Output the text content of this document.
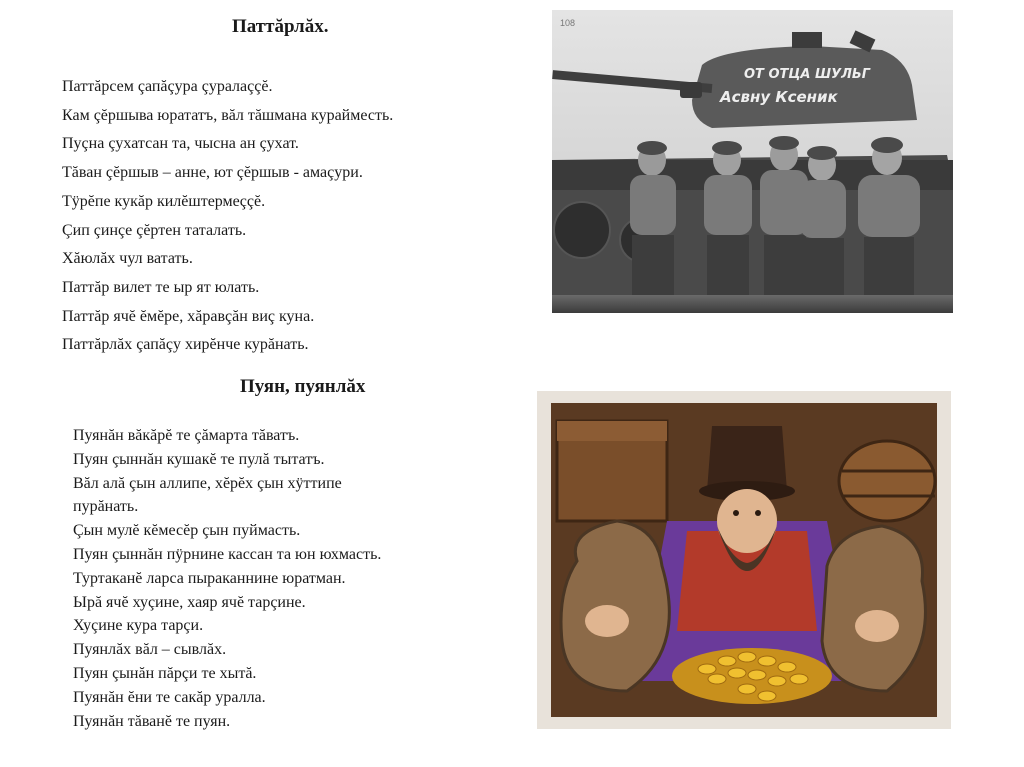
Паттăрлăх.
Паттăрсем çапăçура çуралаççĕ.
Кам çĕршыва юрататъ, вăл тăшмана курайместь.
Пуçна çухатсан та, чысна ан çухат.
Тăван çĕршыв – анне, ют çĕршыв - амаçури.
Тÿрĕпе кукăр килĕштермеççĕ.
Çип çинçе çĕртен таталать.
Хăюлăх чул ватать.
Паттăр вилет те ыр ят юлать.
Паттăр ячĕ ĕмĕре, хăравçăн виç куна.
Паттăрлăх çапăçу хирĕнче курăнать.
108
ОТ ОТЦА ШУЛЬГ
Асвну Ксеник
Пуян, пуянлăх
Пуянăн вăкăрĕ те çăмарта тăватъ.
Пуян çыннăн кушакĕ те пулă тытатъ.
Вăл алă çын аллипе, хĕрĕх çын хÿттипе
пурăнать.
Çын мулĕ кĕмесĕр çын пуймасть.
Пуян çыннăн пÿрнине кассан та юн юхмасть.
Туртаканĕ ларса пыраканнине юратман.
Ырă ячĕ хуçине, хаяр ячĕ тарçине.
Хуçине кура тарçи.
Пуянлăх вăл – сывлăх.
Пуян çынăн пăрçи те хытă.
Пуянăн ĕни те сакăр уралла.
Пуянăн тăванĕ те пуян.
